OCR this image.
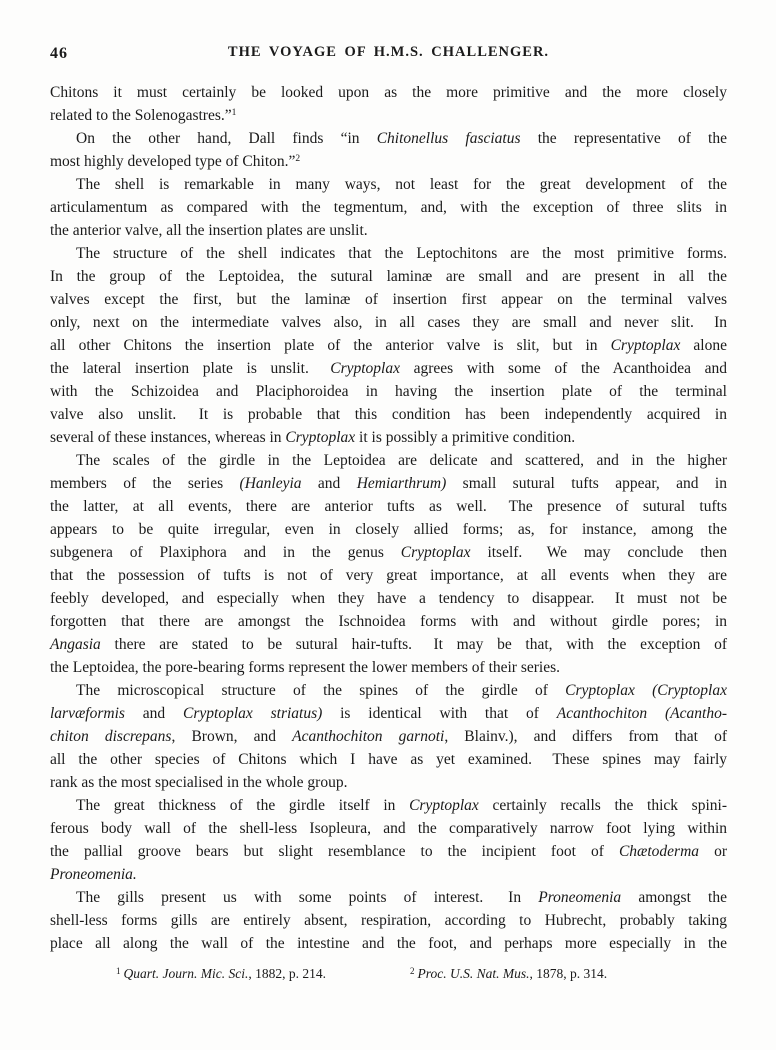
46	THE VOYAGE OF H.M.S. CHALLENGER.
Chitons it must certainly be looked upon as the more primitive and the more closely
related to the Solenogastres.”$^1$
On the other hand, Dall finds “in Chitonellus fasciatus the representative of the
most highly developed type of Chiton.”$^2$
The shell is remarkable in many ways, not least for the great development of the
articulamentum as compared with the tegmentum, and, with the exception of three slits in
the anterior valve, all the insertion plates are unslit.
The structure of the shell indicates that the Leptochitons are the most primitive forms.
In the group of the Leptoidea, the sutural laminæ are small and are present in all the
valves except the first, but the laminæ of insertion first appear on the terminal valves
only, next on the intermediate valves also, in all cases they are small and never slit.  In
all other Chitons the insertion plate of the anterior valve is slit, but in Cryptoplax alone
the lateral insertion plate is unslit.  Cryptoplax agrees with some of the Acanthoidea and
with the Schizoidea and Placiphoroidea in having the insertion plate of the terminal
valve also unslit.  It is probable that this condition has been independently acquired in
several of these instances, whereas in Cryptoplax it is possibly a primitive condition.
The scales of the girdle in the Leptoidea are delicate and scattered, and in the higher
members of the series (Hanleyia and Hemiarthrum) small sutural tufts appear, and in
the latter, at all events, there are anterior tufts as well.  The presence of sutural tufts
appears to be quite irregular, even in closely allied forms; as, for instance, among the
subgenera of Plaxiphora and in the genus Cryptoplax itself.  We may conclude then
that the possession of tufts is not of very great importance, at all events when they are
feebly developed, and especially when they have a tendency to disappear.  It must not be
forgotten that there are amongst the Ischnoidea forms with and without girdle pores; in
Angasia there are stated to be sutural hair-tufts.  It may be that, with the exception of
the Leptoidea, the pore-bearing forms represent the lower members of their series.
The microscopical structure of the spines of the girdle of Cryptoplax (Cryptoplax
larvæformis and Cryptoplax striatus) is identical with that of Acanthochiton (Acantho-
chiton discrepans, Brown, and Acanthochiton garnoti, Blainv.), and differs from that of
all the other species of Chitons which I have as yet examined.  These spines may fairly
rank as the most specialised in the whole group.
The great thickness of the girdle itself in Cryptoplax certainly recalls the thick spini-
ferous body wall of the shell-less Isopleura, and the comparatively narrow foot lying within
the pallial groove bears but slight resemblance to the incipient foot of Chætoderma or
Proneomenia.
The gills present us with some points of interest.  In Proneomenia amongst the
shell-less forms gills are entirely absent, respiration, according to Hubrecht, probably taking
place all along the wall of the intestine and the foot, and perhaps more especially in the
$^1$ Quart. Journ. Mic. Sci., 1882, p. 214.	$^2$ Proc. U.S. Nat. Mus., 1878, p. 314.
